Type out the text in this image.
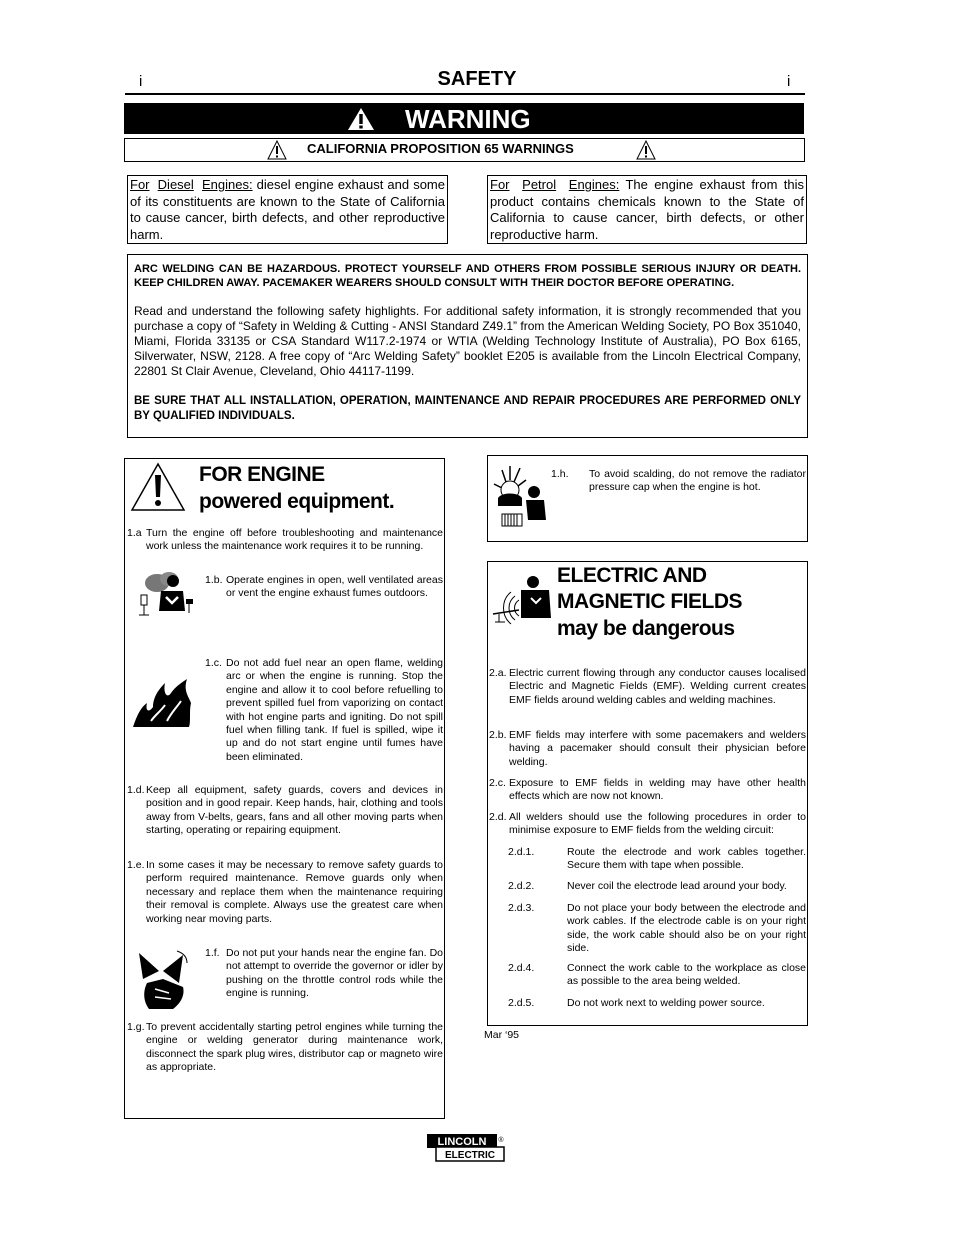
i	SAFETY	i
WARNING
CALIFORNIA PROPOSITION 65 WARNINGS
For Diesel Engines: diesel engine exhaust and some of its constituents are known to the State of California to cause cancer, birth defects, and other reproductive harm.
For Petrol Engines: The engine exhaust from this product contains chemicals known to the State of California to cause cancer, birth defects, or other reproductive harm.
ARC WELDING CAN BE HAZARDOUS. PROTECT YOURSELF AND OTHERS FROM POSSIBLE SERIOUS INJURY OR DEATH. KEEP CHILDREN AWAY. PACEMAKER WEARERS SHOULD CONSULT WITH THEIR DOCTOR BEFORE OPERATING.
Read and understand the following safety highlights. For additional safety information, it is strongly recommended that you purchase a copy of “Safety in Welding & Cutting - ANSI Standard Z49.1” from the American Welding Society, PO Box 351040, Miami, Florida 33135 or CSA Standard W117.2-1974 or WTIA (Welding Technology Institute of Australia), PO Box 6165, Silverwater, NSW, 2128. A free copy of “Arc Welding Safety” booklet E205 is available from the Lincoln Electrical Company, 22801 St Clair Avenue, Cleveland, Ohio 44117-1199.
BE SURE THAT ALL INSTALLATION, OPERATION, MAINTENANCE AND REPAIR PROCEDURES ARE PERFORMED ONLY BY QUALIFIED INDIVIDUALS.
FOR ENGINE
powered equipment.
1.a Turn the engine off before troubleshooting and maintenance work unless the maintenance work requires it to be running.
1.b. Operate engines in open, well ventilated areas or vent the engine exhaust fumes outdoors.
1.c. Do not add fuel near an open flame, welding arc or when the engine is running. Stop the engine and allow it to cool before refuelling to prevent spilled fuel from vaporizing on contact with hot engine parts and igniting. Do not spill fuel when filling tank. If fuel is spilled, wipe it up and do not start engine until fumes have been eliminated.
1.d. Keep all equipment, safety guards, covers and devices in position and in good repair. Keep hands, hair, clothing and tools away from V-belts, gears, fans and all other moving parts when starting, operating or repairing equipment.
1.e. In some cases it may be necessary to remove safety guards to perform required maintenance. Remove guards only when necessary and replace them when the maintenance requiring their removal is complete. Always use the greatest care when working near moving parts.
1.f. Do not put your hands near the engine fan. Do not attempt to override the governor or idler by pushing on the throttle control rods while the engine is running.
1.g. To prevent accidentally starting petrol engines while turning the engine or welding generator during maintenance work, disconnect the spark plug wires, distributor cap or magneto wire as appropriate.
1.h. To avoid scalding, do not remove the radiator pressure cap when the engine is hot.
ELECTRIC AND
MAGNETIC FIELDS
may be dangerous
2.a. Electric current flowing through any conductor causes localised Electric and Magnetic Fields (EMF). Welding current creates EMF fields around welding cables and welding machines.
2.b. EMF fields may interfere with some pacemakers and welders having a pacemaker should consult their physician before welding.
2.c. Exposure to EMF fields in welding may have other health effects which are now not known.
2.d. All welders should use the following procedures in order to minimise exposure to EMF fields from the welding circuit:
2.d.1.	Route the electrode and work cables together. Secure them with tape when possible.
2.d.2.	Never coil the electrode lead around your body.
2.d.3.	Do not place your body between the electrode and work cables. If the electrode cable is on your right side, the work cable should also be on your right side.
2.d.4.	Connect the work cable to the workplace as close as possible to the area being welded.
2.d.5.	Do not work next to welding power source.
Mar ‘95
LINCOLN
ELECTRIC
®
